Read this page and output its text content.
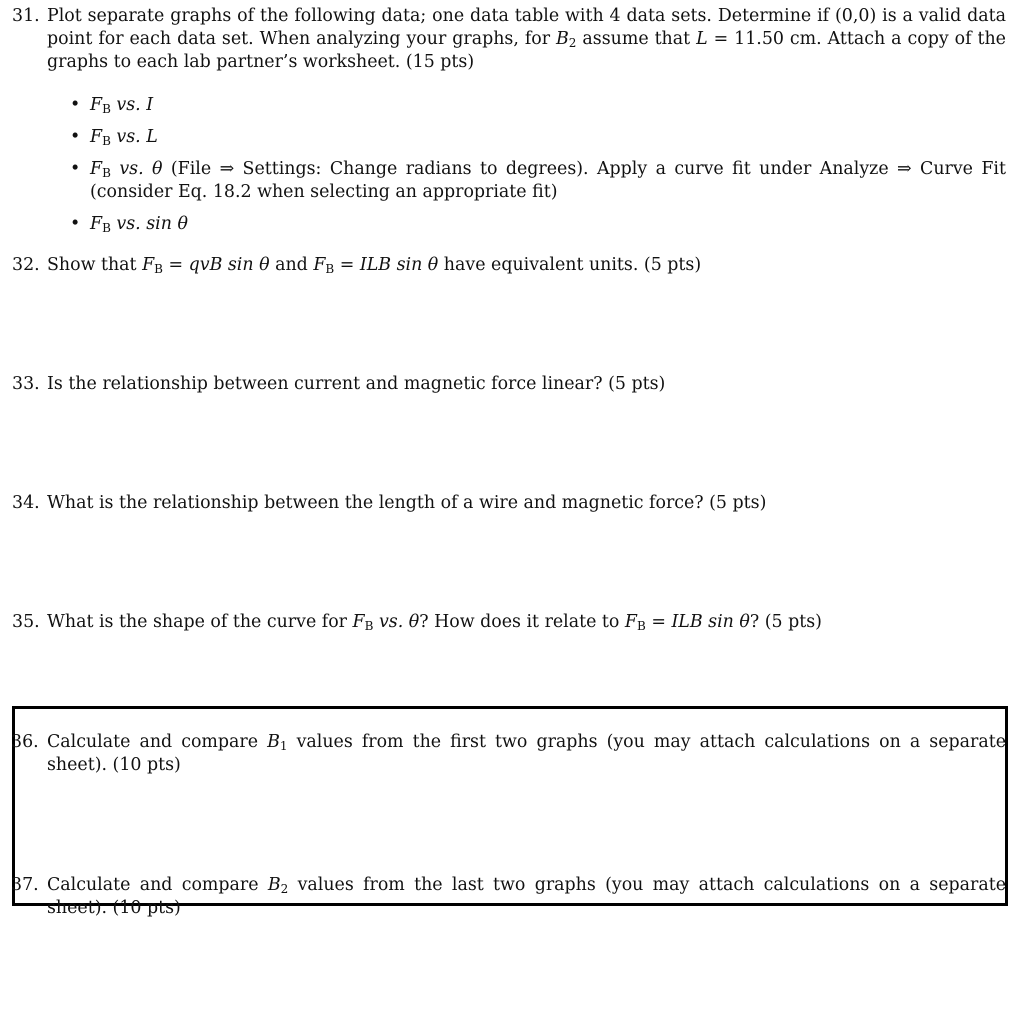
31. Plot separate graphs of the following data; one data table with 4 data sets. Determine if (0,0) is a valid data point for each data set. When analyzing your graphs, for $B_2$ assume that L = 11.50 cm. Attach a copy of the graphs to each lab partner’s worksheet. (15 pts)
• $F_B$ vs. I
• $F_B$ vs. L
• $F_B$ vs. θ (File ⇒ Settings: Change radians to degrees). Apply a curve fit under Analyze ⇒ Curve Fit (consider Eq. 18.2 when selecting an appropriate fit)
• $F_B$ vs. sin θ
32. Show that $F_B$ = qvB sin θ and $F_B$ = ILB sin θ have equivalent units. (5 pts)
33. Is the relationship between current and magnetic force linear? (5 pts)
34. What is the relationship between the length of a wire and magnetic force? (5 pts)
35. What is the shape of the curve for $F_B$ vs. θ? How does it relate to $F_B$ = ILB sin θ? (5 pts)
36. Calculate and compare $B_1$ values from the first two graphs (you may attach calculations on a separate sheet). (10 pts)
37. Calculate and compare $B_2$ values from the last two graphs (you may attach calculations on a separate sheet). (10 pts)
